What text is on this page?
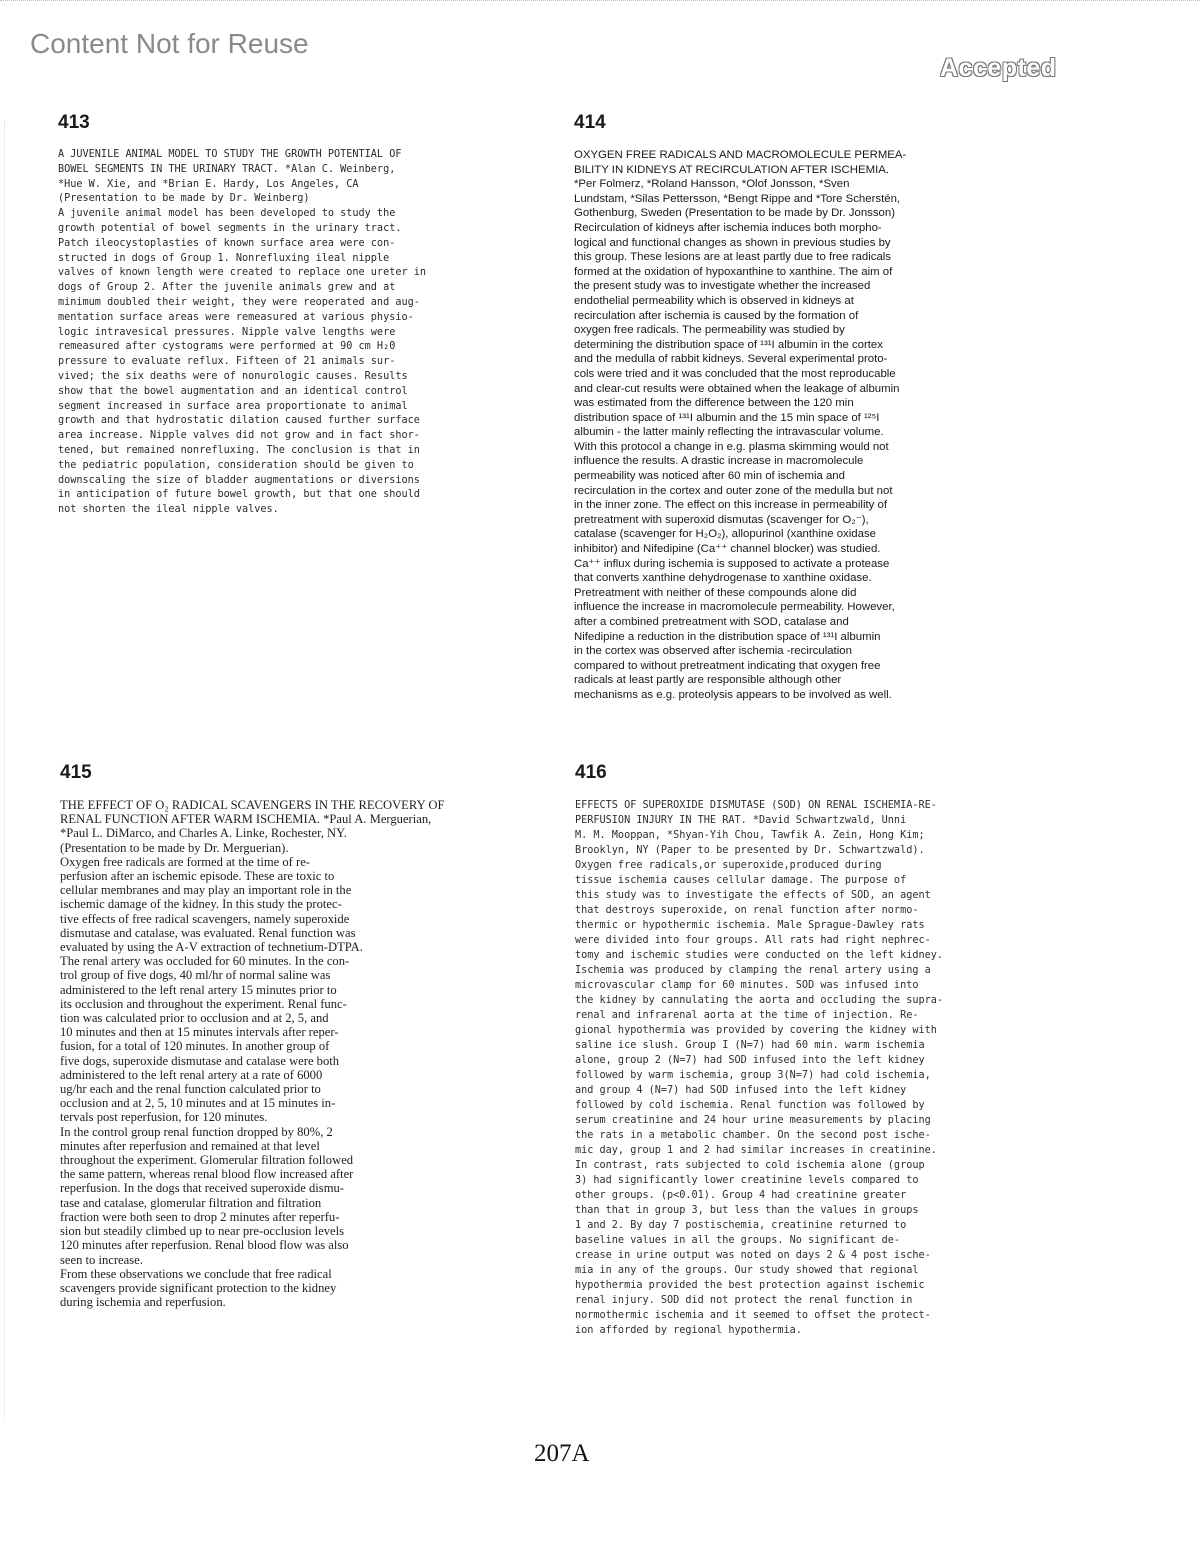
Content Not for Reuse
Accepted
413
A JUVENILE ANIMAL MODEL TO STUDY THE GROWTH POTENTIAL OF
BOWEL SEGMENTS IN THE URINARY TRACT. *Alan C. Weinberg,
*Hue W. Xie, and *Brian E. Hardy, Los Angeles, CA
(Presentation to be made by Dr. Weinberg)
A juvenile animal model has been developed to study the
growth potential of bowel segments in the urinary tract.
Patch ileocystoplasties of known surface area were con-
structed in dogs of Group 1. Nonrefluxing ileal nipple
valves of known length were created to replace one ureter in
dogs of Group 2. After the juvenile animals grew and at
minimum doubled their weight, they were reoperated and aug-
mentation surface areas were remeasured at various physio-
logic intravesical pressures. Nipple valve lengths were
remeasured after cystograms were performed at 90 cm H₂0
pressure to evaluate reflux. Fifteen of 21 animals sur-
vived; the six deaths were of nonurologic causes. Results
show that the bowel augmentation and an identical control
segment increased in surface area proportionate to animal
growth and that hydrostatic dilation caused further surface
area increase. Nipple valves did not grow and in fact shor-
tened, but remained nonrefluxing. The conclusion is that in
the pediatric population, consideration should be given to
downscaling the size of bladder augmentations or diversions
in anticipation of future bowel growth, but that one should
not shorten the ileal nipple valves.
414
OXYGEN FREE RADICALS AND MACROMOLECULE PERMEA-
BILITY IN KIDNEYS AT RECIRCULATION AFTER ISCHEMIA.
*Per Folmerz, *Roland Hansson, *Olof Jonsson, *Sven
Lundstam, *Silas Pettersson, *Bengt Rippe and *Tore Scherstén,
Gothenburg, Sweden (Presentation to be made by Dr. Jonsson)
Recirculation of kidneys after ischemia induces both morpho-
logical and functional changes as shown in previous studies by
this group. These lesions are at least partly due to free radicals
formed at the oxidation of hypoxanthine to xanthine. The aim of
the present study was to investigate whether the increased
endothelial permeability which is observed in kidneys at
recirculation after ischemia is caused by the formation of
oxygen free radicals. The permeability was studied by
determining the distribution space of ¹³¹I albumin in the cortex
and the medulla of rabbit kidneys. Several experimental proto-
cols were tried and it was concluded that the most reproducable
and clear-cut results were obtained when the leakage of albumin
was estimated from the difference between the 120 min
distribution space of ¹³¹I albumin and the 15 min space of ¹²⁵I
albumin - the latter mainly reflecting the intravascular volume.
With this protocol a change in e.g. plasma skimming would not
influence the results. A drastic increase in macromolecule
permeability was noticed after 60 min of ischemia and
recirculation in the cortex and outer zone of the medulla but not
in the inner zone. The effect on this increase in permeability of
pretreatment with superoxid dismutas (scavenger for O₂⁻),
catalase (scavenger for H₂O₂), allopurinol (xanthine oxidase
inhibitor) and Nifedipine (Ca⁺⁺ channel blocker) was studied.
Ca⁺⁺ influx during ischemia is supposed to activate a protease
that converts xanthine dehydrogenase to xanthine oxidase.
Pretreatment with neither of these compounds alone did
influence the increase in macromolecule permeability. However,
after a combined pretreatment with SOD, catalase and
Nifedipine a reduction in the distribution space of ¹³¹I albumin
in the cortex was observed after ischemia -recirculation
compared to without pretreatment indicating that oxygen free
radicals at least partly are responsible although other
mechanisms as e.g. proteolysis appears to be involved as well.
415
THE EFFECT OF O₂ RADICAL SCAVENGERS IN THE RECOVERY OF
RENAL FUNCTION AFTER WARM ISCHEMIA. *Paul A. Merguerian,
*Paul L. DiMarco, and Charles A. Linke, Rochester, NY.
(Presentation to be made by Dr. Merguerian).
Oxygen free radicals are formed at the time of re-
perfusion after an ischemic episode. These are toxic to
cellular membranes and may play an important role in the
ischemic damage of the kidney. In this study the protec-
tive effects of free radical scavengers, namely superoxide
dismutase and catalase, was evaluated. Renal function was
evaluated by using the A-V extraction of technetium-DTPA.
The renal artery was occluded for 60 minutes. In the con-
trol group of five dogs, 40 ml/hr of normal saline was
administered to the left renal artery 15 minutes prior to
its occlusion and throughout the experiment. Renal func-
tion was calculated prior to occlusion and at 2, 5, and
10 minutes and then at 15 minutes intervals after reper-
fusion, for a total of 120 minutes. In another group of
five dogs, superoxide dismutase and catalase were both
administered to the left renal artery at a rate of 6000
ug/hr each and the renal function calculated prior to
occlusion and at 2, 5, 10 minutes and at 15 minutes in-
tervals post reperfusion, for 120 minutes.
In the control group renal function dropped by 80%, 2
minutes after reperfusion and remained at that level
throughout the experiment. Glomerular filtration followed
the same pattern, whereas renal blood flow increased after
reperfusion. In the dogs that received superoxide dismu-
tase and catalase, glomerular filtration and filtration
fraction were both seen to drop 2 minutes after reperfu-
sion but steadily climbed up to near pre-occlusion levels
120 minutes after reperfusion. Renal blood flow was also
seen to increase.
From these observations we conclude that free radical
scavengers provide significant protection to the kidney
during ischemia and reperfusion.
416
EFFECTS OF SUPEROXIDE DISMUTASE (SOD) ON RENAL ISCHEMIA-RE-
PERFUSION INJURY IN THE RAT. *David Schwartzwald, Unni
M. M. Mooppan, *Shyan-Yih Chou, Tawfik A. Zein, Hong Kim;
Brooklyn, NY (Paper to be presented by Dr. Schwartzwald).
Oxygen free radicals,or superoxide,produced during
tissue ischemia causes cellular damage. The purpose of
this study was to investigate the effects of SOD, an agent
that destroys superoxide, on renal function after normo-
thermic or hypothermic ischemia. Male Sprague-Dawley rats
were divided into four groups. All rats had right nephrec-
tomy and ischemic studies were conducted on the left kidney.
Ischemia was produced by clamping the renal artery using a
microvascular clamp for 60 minutes. SOD was infused into
the kidney by cannulating the aorta and occluding the supra-
renal and infrarenal aorta at the time of injection. Re-
gional hypothermia was provided by covering the kidney with
saline ice slush. Group I (N=7) had 60 min. warm ischemia
alone, group 2 (N=7) had SOD infused into the left kidney
followed by warm ischemia, group 3(N=7) had cold ischemia,
and group 4 (N=7) had SOD infused into the left kidney
followed by cold ischemia. Renal function was followed by
serum creatinine and 24 hour urine measurements by placing
the rats in a metabolic chamber. On the second post ische-
mic day, group 1 and 2 had similar increases in creatinine.
In contrast, rats subjected to cold ischemia alone (group
3) had significantly lower creatinine levels compared to
other groups. (p<0.01). Group 4 had creatinine greater
than that in group 3, but less than the values in groups
1 and 2. By day 7 postischemia, creatinine returned to
baseline values in all the groups. No significant de-
crease in urine output was noted on days 2 & 4 post ische-
mia in any of the groups. Our study showed that regional
hypothermia provided the best protection against ischemic
renal injury. SOD did not protect the renal function in
normothermic ischemia and it seemed to offset the protect-
ion afforded by regional hypothermia.
207A
